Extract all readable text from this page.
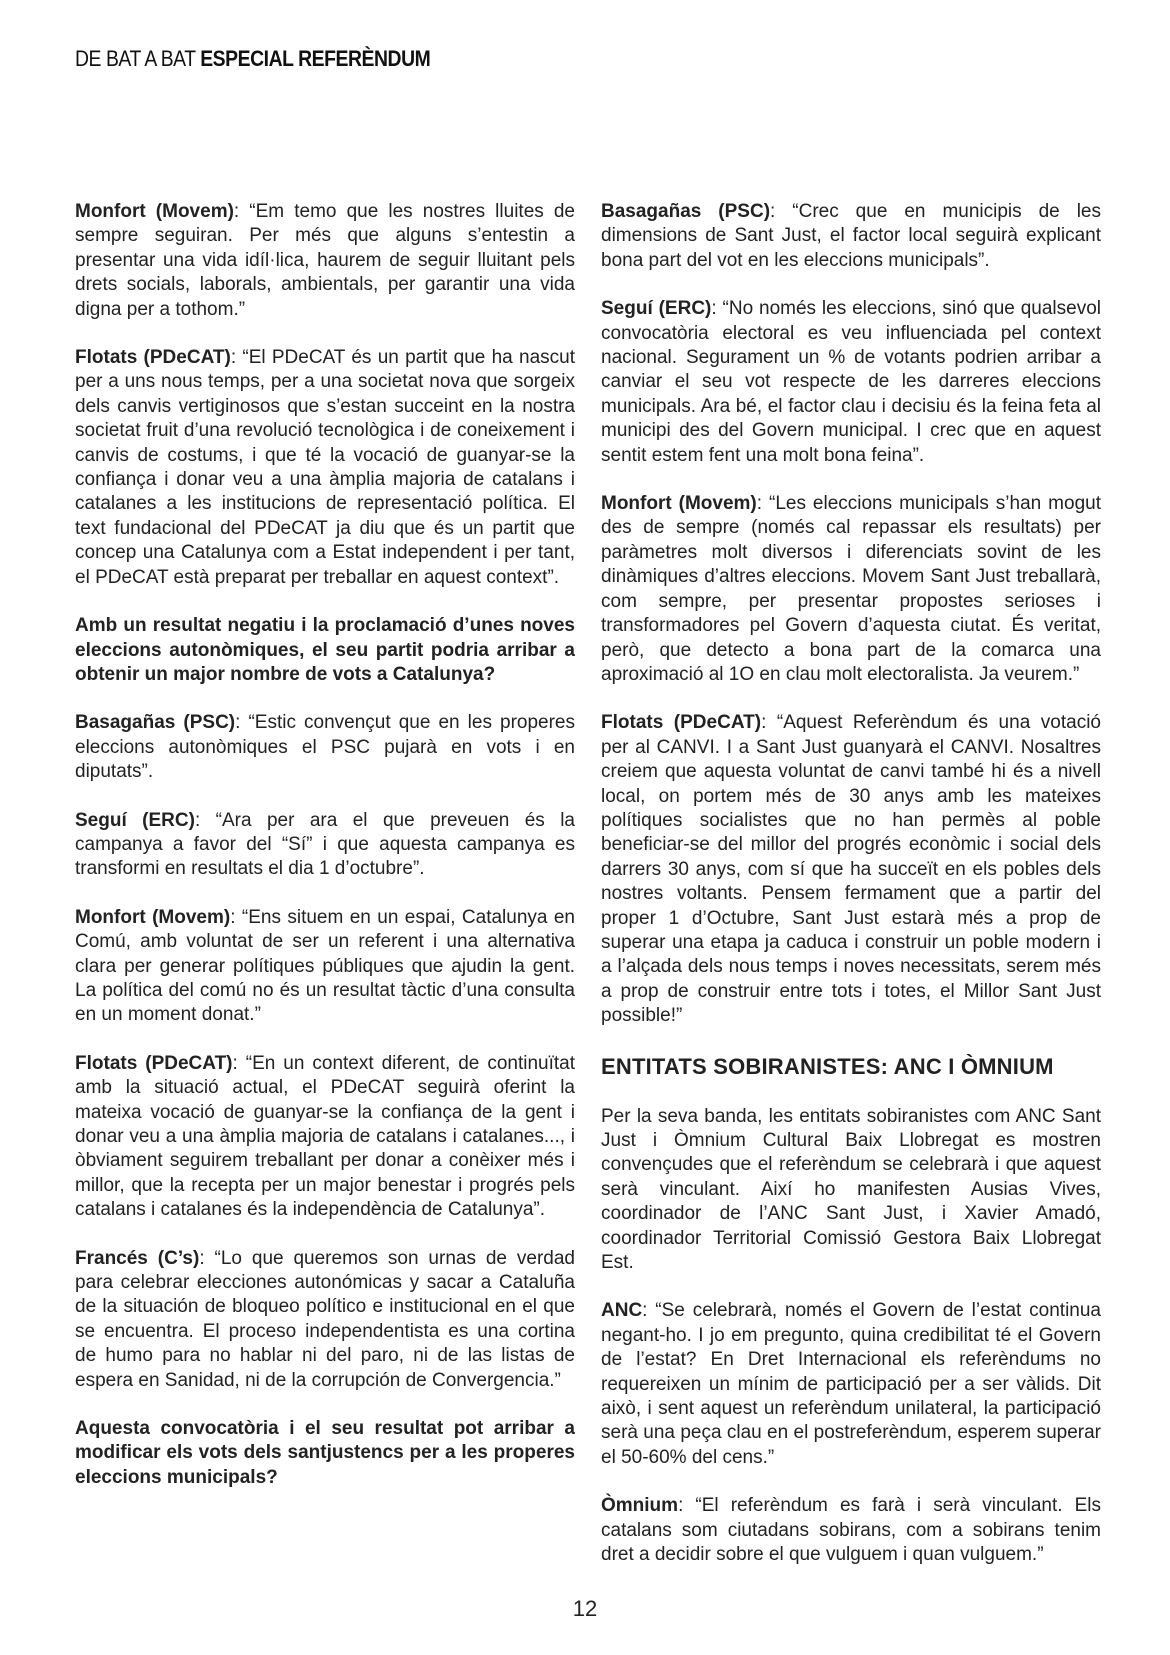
DE BAT A BAT ESPECIAL REFERÈNDUM

Monfort (Movem): “Em temo que les nostres lluites de sempre seguiran. Per més que alguns s’entestin a presentar una vida idíl·lica, haurem de seguir lluitant pels drets socials, laborals, ambientals, per garantir una vida digna per a tothom.”

Flotats (PDeCAT): “El PDeCAT és un partit que ha nascut per a uns nous temps, per a una societat nova que sorgeix dels canvis vertiginosos que s’estan succeint en la nostra societat fruit d’una revolució tecnològica i de coneixement i canvis de costums, i que té la vocació de guanyar-se la confiança i donar veu a una àmplia majoria de catalans i catalanes a les institucions de representació política. El text fundacional del PDeCAT ja diu que és un partit que concep una Catalunya com a Estat independent i per tant, el PDeCAT està preparat per treballar en aquest context”.

Amb un resultat negatiu i la proclamació d’unes noves eleccions autonòmiques, el seu partit podria arribar a obtenir un major nombre de vots a Catalunya?

Basagañas (PSC): “Estic convençut que en les properes eleccions autonòmiques el PSC pujarà en vots i en diputats”.

Seguí (ERC): “Ara per ara el que preveuen és la campanya a favor del “Sí” i que aquesta campanya es transformi en resultats el dia 1 d’octubre”.

Monfort (Movem): “Ens situem en un espai, Catalunya en Comú, amb voluntat de ser un referent i una alternativa clara per generar polítiques públiques que ajudin la gent. La política del comú no és un resultat tàctic d’una consulta en un moment donat.”

Flotats (PDeCAT): “En un context diferent, de continuïtat amb la situació actual, el PDeCAT seguirà oferint la mateixa vocació de guanyar-se la confiança de la gent i donar veu a una àmplia majoria de catalans i catalanes..., i òbviament seguirem treballant per donar a conèixer més i millor, que la recepta per un major benestar i progrés pels catalans i catalanes és la independència de Catalunya”.

Francés (C’s): “Lo que queremos son urnas de verdad para celebrar elecciones autonómicas y sacar a Cataluña de la situación de bloqueo político e institucional en el que se encuentra. El proceso independentista es una cortina de humo para no hablar ni del paro, ni de las listas de espera en Sanidad, ni de la corrupción de Convergencia.”

Aquesta convocatòria i el seu resultat pot arribar a modificar els vots dels santjustencs per a les properes eleccions municipals?

Basagañas (PSC): “Crec que en municipis de les dimensions de Sant Just, el factor local seguirà explicant bona part del vot en les eleccions municipals”.

Seguí (ERC): “No només les eleccions, sinó que qualsevol convocatòria electoral es veu influenciada pel context nacional. Segurament un % de votants podrien arribar a canviar el seu vot respecte de les darreres eleccions municipals. Ara bé, el factor clau i decisiu és la feina feta al municipi des del Govern municipal. I crec que en aquest sentit estem fent una molt bona feina”.

Monfort (Movem): “Les eleccions municipals s’han mogut des de sempre (només cal repassar els resultats) per paràmetres molt diversos i diferenciats sovint de les dinàmiques d’altres eleccions. Movem Sant Just treballarà, com sempre, per presentar propostes serioses i transformadores pel Govern d’aquesta ciutat. És veritat, però, que detecto a bona part de la comarca una aproximació al 1O en clau molt electoralista. Ja veurem.”

Flotats (PDeCAT): “Aquest Referèndum és una votació per al CANVI. I a Sant Just guanyarà el CANVI. Nosaltres creiem que aquesta voluntat de canvi també hi és a nivell local, on portem més de 30 anys amb les mateixes polítiques socialistes que no han permès al poble beneficiar-se del millor del progrés econòmic i social dels darrers 30 anys, com sí que ha succeït en els pobles dels nostres voltants. Pensem fermament que a partir del proper 1 d’Octubre, Sant Just estarà més a prop de superar una etapa ja caduca i construir un poble modern i a l’alçada dels nous temps i noves necessitats, serem més a prop de construir entre tots i totes, el Millor Sant Just possible!”

ENTITATS SOBIRANISTES: ANC I ÒMNIUM

Per la seva banda, les entitats sobiranistes com ANC Sant Just i Òmnium Cultural Baix Llobregat es mostren convençudes que el referèndum se celebrarà i que aquest serà vinculant. Així ho manifesten Ausias Vives, coordinador de l’ANC Sant Just, i Xavier Amadó, coordinador Territorial Comissió Gestora Baix Llobregat Est.

ANC: “Se celebrarà, només el Govern de l’estat continua negant-ho. I jo em pregunto, quina credibilitat té el Govern de l’estat? En Dret Internacional els referèndums no requereixen un mínim de participació per a ser vàlids. Dit això, i sent aquest un referèndum unilateral, la participació serà una peça clau en el postreferèndum, esperem superar el 50-60% del cens.”

Òmnium: “El referèndum es farà i serà vinculant. Els catalans som ciutadans sobirans, com a sobirans tenim dret a decidir sobre el que vulguem i quan vulguem.”

12
